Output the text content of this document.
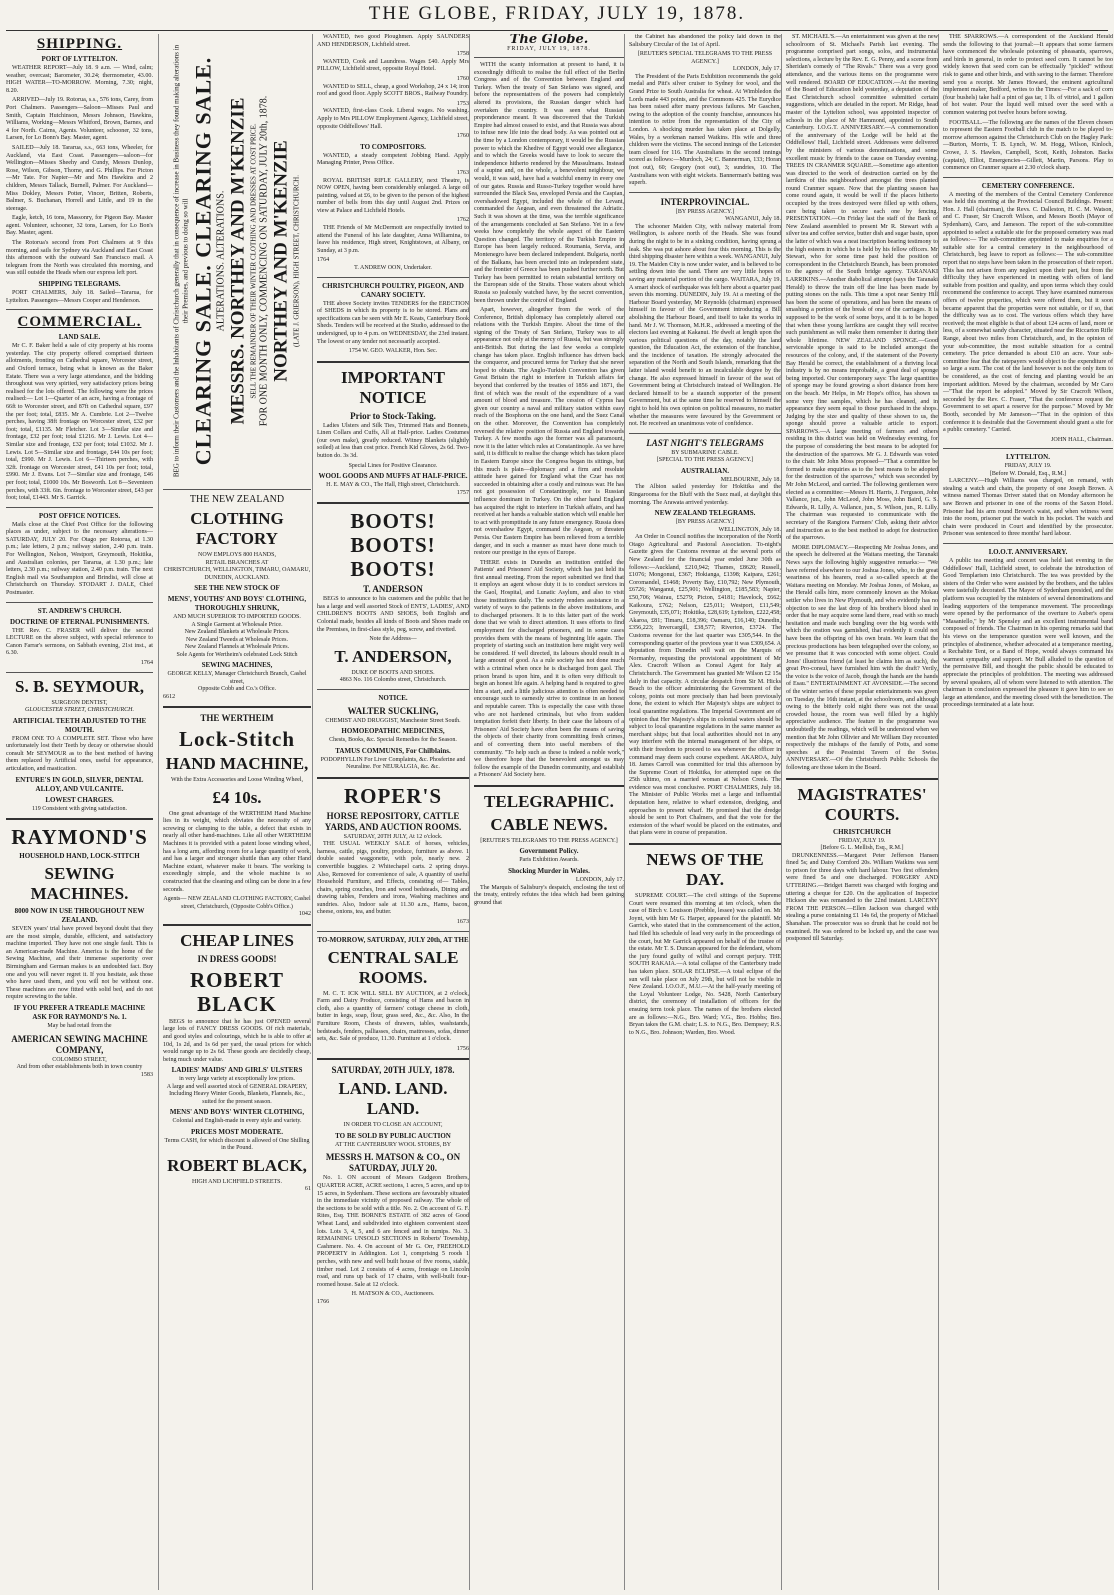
THE GLOBE, FRIDAY, JULY 19, 1878.
SHIPPING.
PORT OF LYTTELTON.

WEATHER REPORT—July 18. 9 a.m. — Wind, calm; weather, overcast; Barometer, 30.24; thermometer, 43.00. HIGH WATER—TO-MORROW. Morning, 7.30; night, 8.20.

ARRIVED—July 19. Rotorua, s.s., 576 tons, Carey, from Port Chalmers. Passengers—Saloon—Misses Paul and Smith, Captain Hutchinson, Messrs Johnson, Hawkins, Williams, Working—Messrs Whitford, Brown, Barnes, and 4 for North. Cairns, Agents. Volunteer, schooner, 32 tons, Larsen, for Lo Bonn's Bay. Master, agent.

SAILED—July 18. Tararua, s.s., 663 tons, Wheeler, for Auckland, via East Coast. Passengers—saloon—for Wellington—Misses Sheehy and Cundy, Messrs Dunlop, Rose, Wilson, Gibson, Thorne, and G. Phillips. For Picton—Mr Tate. For Napier—Mr and Mrs Hawkins and 2 children, Messrs Tallack, Burnell, Palmer. For Auckland—Miss Dokley, Messrs Potter, Vincer, Britten, Roberts, Balmer, S. Buchanan, Horrell and Little, and 19 in the steerage.

Eagle, ketch, 16 tons, Massonry, for Pigeon Bay. Master agent. Volunteer, schooner, 32 tons, Larsen, for Lo Bon's Bay. Master, agent.

The Rotorua's second from Port Chalmers at 9 this morning, and sails for Sydney via Auckland and East Coast this afternoon with the outward San Francisco mail. A telegram from the North was circulated this morning, and was still outside the Heads when our express left port.

SHIPPING TELEGRAMS.

PORT CHALMERS, July 18. Sailed—Tararua, for Lyttelton. Passengers—Messrs Cooper and Henderson.

COMMERCIAL.
LAND SALE.

Mr C. F. Baker held a sale of city property at his rooms yesterday. The city property offered comprised thirteen allotments, fronting on Cathedral square, Worcester street, and Oxford terrace, being what is known as the Baker Estate. There was a very large attendance, and the bidding throughout was very spirited, very satisfactory prices being realised for the lots offered. The following were the prices realised:— Lot 1—Quarter of an acre, having a frontage of 66ft to Worcester street, and 87ft on Cathedral square, £97 the per foot; total, £835. Mr A. Cumbrie. Lot 2—Twelve perches, having 38ft frontage on Worcester street, £32 per foot; total, £1135. Mr Fletcher. Lot 3—Similar size and frontage, £32 per foot; total £1216. Mr J. Lewis. Lot 4—Similar size and frontage, £32 per foot; total £1032. Mr J. Lewis. Lot 5—Similar size and frontage, £44 10s per foot; total, £990. Mr J. Lewis. Lot 6—Thirteen perches, with 32ft. frontage on Worcester street, £41 10s per foot; total, £990. Mr J. Evans. Lot 7—Similar size and frontage, £46 per foot; total, £1000 10s. Mr Bosworth. Lot 8—Seventeen perches, with 33ft. 6in. frontage to Worcester street, £43 per foot; total, £1443. Mr S. Garrick.

POST OFFICE NOTICES.

Mails close at the Chief Post Office for the following places as under, subject to the necessary alterations— SATURDAY, JULY 20. For Otago per Rotorua, at 1.30 p.m.; late letters, 2 p.m.; railway station, 2.40 p.m. train. For Wellington, Nelson, Westport, Greymouth, Hokitika, and Australian colonies, per Tararua, at 1.30 p.m.; late letters, 2.30 p.m.; railway station, 2.40 p.m. train. The next English mail via Southampton and Brindisi, will close at Christchurch on Thursday. STODART J. DALE, Chief Postmaster.

ST. ANDREW'S CHURCH.
DOCTRINE OF ETERNAL PUNISHMENTS.

THE Rev. C. FRASER will deliver the second LECTURE on the above subject, with special reference to Canon Farrar's sermons, on Sabbath evening, 21st inst., at 6.30.

1764
S. B. SEYMOUR,
SURGEON DENTIST,
GLOUCESTER STREET, CHRISTCHURCH.
ARTIFICIAL TEETH ADJUSTED TO THE MOUTH.

FROM ONE TO A COMPLETE SET. Those who have unfortunately lost their Teeth by decay or otherwise should consult Mr SEYMOUR as to the best method of having them replaced by Artificial ones, useful for appearance, articulation, and mastication.

ENTURE'S IN GOLD, SILVER, DENTAL ALLOY, AND VULCANITE.
LOWEST CHARGES.
119 Consistent with giving satisfaction.
RAYMOND'S
HOUSEHOLD HAND, LOCK-STITCH
SEWING MACHINES.
8000 NOW IN USE THROUGHOUT NEW ZEALAND.

SEVEN years' trial have proved beyond doubt that they are the most simple, durable, efficient, and satisfactory machine imported. They have not one single fault. This is an American-made Machine. America is the home of the Sewing Machine, and their immense superiority over Birmingham and German makes is an undoubted fact. Buy one and you will never regret it. If you hesitate, ask those who have used them, and you will not be without one. These machines are now fitted with solid bed, and do not require screwing to the table.

IF YOU PREFER A TREADLE MACHINE ASK FOR RAYMOND'S No. 1.
May be had retail from the
AMERICAN SEWING MACHINE COMPANY,
COLOMBO STREET,
And from other establishments both in town country
1583
BEG to inform their Customers and the Inhabitants of Christchurch generally that in consequence of increase in Business they found making alterations in their Premises, and previous to doing so will CLEARING SALE. CLEARING SALE. ALTERATIONS. ALTERATIONS. MESSRS. NORTHEY AND M'KENZIE SELL THE REMAINDER OF THEIR WINTER CLOTHING AND DRESSES AT COST PRICE. FOR ONE MONTH ONLY, COMMENCING ON SATURDAY, JULY 20th, 1878. NORTHEY AND M'KENZIE (LATE J. GRIERSON), HIGH STREET, CHRISTCHURCH.
THE NEW ZEALAND
CLOTHING FACTORY
NOW EMPLOYS 800 HANDS,
RETAIL BRANCHES AT
CHRISTCHURCH, WELLINGTON, TIMARU, OAMARU, DUNEDIN, AUCKLAND.
SEE THE NEW STOCK OF
MENS', YOUTHS' AND BOYS' CLOTHING, THOROUGHLY SHRUNK,
AND MUCH SUPERIOR TO IMPORTED GOODS.
A Single Garment at Wholesale Price.
New Zealand Blankets at Wholesale Prices.
New Zealand Tweeds at Wholesale Prices.
New Zealand Flannels at Wholesale Prices.
Sole Agents for Wertheim's celebrated Lock Stitch
SEWING MACHINES,
GEORGE KELLY, Manager Christchurch Branch, Cashel street,
Opposite Cobb and Co.'s Office.
6612
THE WERTHEIM
Lock-Stitch
HAND MACHINE,
With the Extra Accessories and Loose Winding Wheel,
£4 10s.

One great advantage of the WERTHEIM Hand Machine lies in its weight, which obviates the necessity of any screwing or clamping to the table, a defect that exists in nearly all other hand-machines. Like all other WERTHEIM Machines it is provided with a patent loose winding wheel, has a long arm, affording room for a large quantity of work, and has a larger and stronger shuttle than any other Hand Machine extant, whatever make it bears. The working is exceedingly simple, and the whole machine is so constructed that the cleaning and oiling can be done in a few seconds.

Agents— NEW ZEALAND CLOTHING FACTORY, Cashel street, Christchurch, (Opposite Cobb's Office.)
1042
CHEAP LINES
IN DRESS GOODS!
ROBERT BLACK

BEGS to announce that he has just OPENED several large lots of FANCY DRESS GOODS. Of rich materials, and good styles and colourings, which he is able to offer at 10d, 1s 2d, and 1s 6d per yard, the usual prices for which would range up to 2s 6d. These goods are decidedly cheap, being much under value.

LADIES' MAIDS' AND GIRLS' ULSTERS
in very large variety at exceptionally low prices.
A large and well assorted stock of GENERAL DRAPERY, Including Heavy Winter Goods, Blankets, Flannels, &c., suited for the present season.
MENS' AND BOYS' WINTER CLOTHING,
Colonial and English-made in every style and variety.
PRICES MOST MODERATE.
Terms CASH, for which discount is allowed of One Shilling in the Pound.
ROBERT BLACK,
HIGH AND LICHFIELD STREETS.
61

WANTED, two good Ploughmen. Apply SAUNDERS AND HENDERSON, Lichfield street.

1758

WANTED, Cook and Laundress. Wages £40. Apply Mrs PILLOW, Lichfield street, opposite Royal Hotel.

1760

WANTED to SELL, cheap, a good Workshop, 24 x 14; iron roof and good floor. Apply SCOTT BROS., Railway Foundry.

1753

WANTED, first-class Cook. Liberal wages. No washing. Apply to Mrs PILLOW Employment Agency, Lichfield street, opposite Oddfellows' Hall.

1760
TO COMPOSITORS.

WANTED, a steady competent Jobbing Hand. Apply Managing Printer, Press Office.

1763

ROYAL BRITISH RIFLE GALLERY, next Theatre, is NOW OPEN, having been considerably enlarged. A large oil painting, valued at £6, to be given to the person of the highest number of bells from this day until August 2nd. Prizes on view at Palace and Lichfield Hotels.

1762

THE Friends of Mr McDermott are respectfully invited to attend the Funeral of his late daughter, Anna Williamina, to leave his residence, High street, Knightstown, at Albany, on Sunday, at 3 p.m.

1764
T. ANDREW OON, Undertaker.
CHRISTCHURCH POULTRY, PIGEON, AND CANARY SOCIETY.

THE above Society invites TENDERS for the ERECTION of SHEDS in which its property is to be stored. Plans and specifications can be seen with Mr E. Keats, Canterbury Book Sheds. Tenders will be received at the Studio, addressed to the undersigned, up to 4 p.m. on WEDNESDAY, the 23rd instant. The lowest or any tender not necessarily accepted.

1754 W. GEO. WALKER, Hon. Sec.
IMPORTANT NOTICE
Prior to Stock-Taking.

Ladies Ulsters and Silk Ties, Trimmed Hats and Bonnets, Linen Collars and Cuffs, All at Half-price. Ladies Costumes (our own make), greatly reduced. Witney Blankets (slightly soiled) at less than cost price. French Kid Gloves, 2s 6d. Two-button do. 3s 3d.

Special Lines for Positive Clearance.
WOOL GOODS AND MUFFS AT HALF-PRICE.
H. E. MAY & CO., The Hall, High street, Christchurch.
1757
BOOTS! BOOTS! BOOTS!
T. ANDERSON

BEGS to announce to his customers and the public that he has a large and well assorted Stock of ENTS', LADIES', AND CHILDREN'S BOOTS AND SHOES, both English and Colonial made, besides all kinds of Boots and Shoes made on the Premises, in first-class style, peg, screw, and rivetted.

Note the Address—
T. ANDERSON,
DUKE OF BOOTS AND SHOES.
4863 No. 116 Colombo street, Christchurch.
NOTICE.
WALTER SUCKLING,
CHEMIST AND DRUGGIST, Manchester Street South.
HOMOEOPATHIC MEDICINES,
Chests, Books, &c. Special Remedies for the Season.
TAMUS COMMUNIS, For Chilblains.
PODOPHYLLIN For Liver Complaints, &c. Phosferine and Neuraline. For NEURALGIA, &c. &c.
ROPER'S
HORSE REPOSITORY, CATTLE YARDS, AND AUCTION ROOMS.
SATURDAY, 20TH JULY, At 12 o'clock.

THE USUAL WEEKLY SALE of horses, vehicles, harness, cattle, pigs, poultry, produce, furniture as above. 1 double seated waggonette, with pole, nearly new. 2 convertible buggies. 2 Whitechapel carts. 2 spring drays. Also, Removed for convenience of sale, A quantity of useful Household Furniture, and Effects, consisting of— Tables, chairs, spring couches, Iron and wood bedsteads, Dining and drawing tables, Fenders and irons, Washing machines and sundries. Also, Indoor sale at 11.30 a.m., Hams, bacon, cheese, onions, tea, and butter.

1673
TO-MORROW, SATURDAY, JULY 20th, AT THE
CENTRAL SALE ROOMS.

M. C. T. ICK WILL SELL BY AUCTION, at 2 o'clock, Farm and Dairy Produce, consisting of Hams and bacon in cloth, also a quantity of farmers' cottage cheese in cloth, butter in kegs, soap, flour, grass seed, &c., &c. Also, In the Furniture Room, Chests of drawers, tables, washstands, bedsteads, fenders, palliasses, chairs, mattresses, sofas, dinner sets, &c. Sale of produce, 11.30. Furniture at 1 o'clock.

1756
SATURDAY, 20TH JULY, 1878.
LAND. LAND. LAND.
IN ORDER TO CLOSE AN ACCOUNT,
TO BE SOLD BY PUBLIC AUCTION
AT THE CANTERBURY WOOL STORES, BY
MESSRS H. MATSON & CO., ON SATURDAY, JULY 20.

No. 1. ON account of Messrs Gudgeon Brothers, QUARTER ACRE, ACRE sections, 1 acres, 5 acres, and up to 15 acres, in Sydenham. These sections are favourably situated in the immediate vicinity of proposed railway. The whole of the sections to be sold with a title. No. 2. On account of G. F. Rites, Esq. THE BORNE'S ESTATE of 382 acres of Good Wheat Land, and subdivided into eighteen convenient sized lots. Lots 3, 4, 5, and 6 are fenced and in turnips. No. 3. REMAINING UNSOLD SECTIONS in Roberts' Township, Cashmere. No. 4. On account of Mr G. Orr, FREEHOLD PROPERTY in Addington. Lot 1, comprising 5 roods 1 perches, with new and well built house of five rooms, stable, timber road. Lot 2 consists of 4 acres, frontage on Lincoln road, and runs up back of 17 chains, with well-built four-roomed house. Sale at 12 o'clock.

H. MATSON & CO., Auctioneers.
1766
The Globe.
FRIDAY, JULY 19, 1878.

WITH the scanty information at present to hand, it is exceedingly difficult to realise the full effect of the Berlin Congress and of the Convention between England and Turkey. When the treaty of San Stefano was signed, and before the representatives of the powers had completely altered its provisions, the Russian danger which had overtaken the country. It was seen what Russian preponderance meant. It was discovered that the Turkish Empire had almost ceased to exist, and that Russia was about to infuse new life into the dead body. As was pointed out at the time by a London contemporary, it would be the Russian power to which the Khedive of Egypt would owe allegiance, and to which the Greeks would have to look to secure the independence hitherto rendered by the Mussulmans. Instead of a supine and, on the whole, a benevolent neighbour, we would, it was said, have had a watchful enemy in every one of our gates. Russia and Russo-Turkey together would have surrounded the Black Sea, enveloped Persia and the Caspian, overshadowed Egypt, included the whole of the Levant, commanded the Aegean, and even threatened the Adriatic. Such it was shown at the time, was the terrible significance of the arrangements concluded at San Stefano. Yet in a few weeks how completely the whole aspect of the Eastern Question changed. The territory of the Turkish Empire in Europe has been largely reduced. Roumania, Servia, and Montenegro have been declared independent. Bulgaria, north of the Balkans, has been erected into an independent state, and the frontier of Greece has been pushed further north. But Turkey has been permitted to retain substantial territory on the European side of the Straits. Those waters about which Russia so jealously watched have, by the secret convention, been thrown under the control of England.

Apart, however, altogether from the work of the Conference, British diplomacy has completely altered our relations with the Turkish Empire. About the time of the signing of the Treaty of San Stefano, Turkey was to all appearance not only at the mercy of Russia, but was strongly anti-British. But during the last few weeks a complete change has taken place. English influence has driven back the conqueror, and procured terms for Turkey that she never hoped to obtain. The Anglo-Turkish Convention has given Great Britain the right to interfere in Turkish affairs far beyond that conferred by the treaties of 1856 and 1871, the first of which was the result of the expenditure of a vast amount of blood and treasure. The cession of Cyprus has given our country a naval and military station within easy reach of the Bosphorus on the one hand, and the Suez Canal on the other. Moreover, the Convention has completely reversed the relative position of Russia and England towards Turkey. A few months ago the former was all paramount, now it is the latter which rules at Constantinople. As we have said, it is difficult to realise the change which has taken place in Eastern Europe since the Congress began its sittings, but this much is plain—diplomacy and a firm and resolute attitude have gained for England what the Czar has not succeeded in obtaining after a costly and ruinous war. He has not got possession of Constantinople, nor is Russian influence dominant in Turkey. On the other hand England has acquired the right to interfere in Turkish affairs, and has received at her hands a valuable station which will enable her to act with promptitude in any future emergency. Russia does not overshadow Egypt, command the Aegean, or threaten Persia. Our Eastern Empire has been relieved from a terrible danger, and in such a manner as must have done much to restore our prestige in the eyes of Europe.

THERE exists in Dunedin an institution entitled the Patients' and Prisoners' Aid Society, which has just held its first annual meeting. From the report submitted we find that it employs an agent whose duty it is to conduct services in the Gaol, Hospital, and Lunatic Asylum, and also to visit those institutions daily. The society renders assistance in a variety of ways to the patients in the above institutions, and to discharged prisoners. It is to this latter part of the work done that we wish to direct attention. It uses efforts to find employment for discharged prisoners, and in some cases provides them with the means of beginning life again. The propriety of starting such an institution here might very well be considered. If well directed, its labours should result in a large amount of good. As a rule society has not done much with a criminal when once he is discharged from gaol. The prison brand is upon him, and it is often very difficult to begin an honest life again. A helping hand is required to give him a start, and a little judicious attention is often needed to encourage such to earnestly strive to continue in an honest and reputable career. This is especially the case with those who are not hardened criminals, but who from sudden temptation forfeit their liberty. In their case the labours of a Prisoners' Aid Society have often been the means of saving the objects of their charity from committing fresh crimes, and of converting them into useful members of the community. "To help such as these is indeed a noble work," we therefore hope that the benevolent amongst us may follow the example of the Dunedin community, and establish a Prisoners' Aid Society here.

TELEGRAPHIC.
CABLE NEWS.
[REUTER'S TELEGRAMS TO THE PRESS AGENCY.]
Government Policy.
Paris Exhibition Awards.
Shocking Murder in Wales.
LONDON, July 17.

The Marquis of Salisbury's despatch, enclosing the text of the treaty, entirely refutes the idea which had been gaining ground that

the Cabinet has abandoned the policy laid down in the Salisbury Circular of the 1st of April.

[REUTER'S SPECIAL TELEGRAMS TO THE PRESS AGENCY.]
LONDON, July 17.

The President of the Paris Exhibition recommends the gold medal and Pitt's silver cruiser to Sydney for wool, and the Grand Prize to South Australia for wheat. At Wimbledon the Lords made 443 points, and the Commons 425. The Eurydice has been raised after many previous failures. Mr Gaschen, owing to the adoption of the county franchise, announces his intention to retire from the representation of the City of London. A shocking murder has taken place at Dolgelly, Wales, by a workman named Watkins. His wife and three children were the victims. The second innings of the Leicester team closed for 116. The Australians in the second innings scored as follows:—Murdoch, 24; C. Bannerman, 133; Horan (not out), 60; Gregory (not out), 3; sundries, 10. The Australians won with eight wickets. Bannerman's batting was superb.

INTERPROVINCIAL.
[BY PRESS AGENCY.]
WANGANUI, July 18.

The schooner Maiden City, with railway material from Wellington, is ashore north of the Heads. She was found during the night to be in a sinking condition, having sprung a leak. She was put ashore about four this morning. This is the third shipping disaster here within a week. WANGANUI, July 19. The Maiden City is now under water, and is believed to be settling down into the sand. There are very little hopes of saving any material portion of the cargo. WAITARA, July 19. A smart shock of earthquake was felt here about a quarter past seven this morning. DUNEDIN, July 19. At a meeting of the Harbour Board yesterday, Mr Reynolds (chairman) expressed himself in favour of the Government introducing a Bill abolishing the Harbour Board, and itself to take its works in hand. Mr J. W. Thomson, M.H.R., addressed a meeting of the electors last evening at Kakanui. He dwelt at length upon the various political questions of the day, notably the land question, the Education Act, the extension of the franchise, and the incidence of taxation. He strongly advocated the separation of the North and South Islands, remarking that the latter island would benefit to an incalculable degree by the change. He also expressed himself in favour of the seat of Government being at Christchurch instead of Wellington. He declared himself to be a staunch supporter of the present Government, but at the same time he reserved to himself the right to hold his own opinion on political measures, no matter whether the measures were favoured by the Government or not. He received an unanimous vote of confidence.

LAST NIGHT'S TELEGRAMS
BY SUBMARINE CABLE.
[SPECIAL TO THE PRESS AGENCY.]
AUSTRALIAN.
MELBOURNE, July 18.

The Albion sailed yesterday for Hokitika and the Ringarooma for the Bluff with the Suez mail, at daylight this morning. The Arawata arrived yesterday.

NEW ZEALAND TELEGRAMS.
[BY PRESS AGENCY.]
WELLINGTON, July 18.

An Order in Council notifies the incorporation of the North Otago Agricultural and Pastoral Association. To-night's Gazette gives the Customs revenue at the several ports of New Zealand for the financial year ended June 30th as follows:—Auckland, £210,942; Thames, £8620; Russell, £1076; Mongonui, £367; Hokianga, £1398; Kaipara, £261; Coromandel, £1468; Poverty Bay, £10,792; New Plymouth, £6726; Wanganui, £25,901; Wellington, £185,583; Napier, £50,706; Wairau, £5279; Picton, £4181; Havelock, £662; Kaikoura, £762; Nelson, £25,011; Westport, £11,549; Greymouth, £35,071; Hokitika, £28,619; Lyttelton, £222,458; Akaroa, £81; Timaru, £18,396; Oamaru, £16,140; Dunedin, £356,223; Invercargill, £38,577; Riverton, £3724. The Customs revenue for the last quarter was £305,544. In the corresponding quarter of the previous year it was £309,654. A deputation from Dunedin will wait on the Marquis of Normanby, requesting the provisional appointment of Mr Alex. Cracroft Wilson as Consul Agent for Italy at Christchurch. The Government has granted Mr Wilson £2 15s daily in that capacity. A circular despatch from Sir M. Hicks Beach to the officer administering the Government of the colony, points out more precisely than had been previously done, the extent to which Her Majesty's ships are subject to local quarantine regulations. The Imperial Government are of opinion that Her Majesty's ships in colonial waters should be subject to local quarantine regulations in the same manner as merchant ships; but that local authorities should not in any way interfere with the internal management of her ships, or with their freedom to proceed to sea whenever the officer in command may deem such course expedient. AKAROA, July 18. James Carroll was committed for trial this afternoon by the Supreme Court of Hokitika, for attempted rape on the 25th ultimo, on a married woman at Nelson Creek. The evidence was most conclusive. PORT CHALMERS, July 18. The Minister of Public Works met a large and influential deputation here, relative to wharf extension, dredging, and approaches to present wharf. He promised that the dredge should be sent to Port Chalmers, and that the vote for the extension of the wharf would be placed on the estimates, and that plans were in course of preparation.

NEWS OF THE DAY.

SUPREME COURT.—The civil sittings of the Supreme Court were resumed this morning at ten o'clock, when the case of Birch v. Louisson (Prebble, lessee) was called on. Mr Joynt, with him Mr G. Harper, appeared for the plaintiff. Mr Garrick, who stated that in the commencement of the action, had filed his schedule of lead very early in the proceedings of the court, but Mr Garrick appeared on behalf of the trustee of the estate. Mr T. S. Duncan appeared for the defendant, whom the jury found guilty of wilful and corrupt perjury. THE SOUTH RAKAIA.—A total collapse of the Canterbury trade has taken place. SOLAR ECLIPSE.—A total eclipse of the sun will take place on July 29th, but will not be visible in New Zealand. I.O.O.F., M.U.—At the half-yearly meeting of the Loyal Volunteer Lodge, No. 5428, North Canterbury district, the ceremony of installation of officers for the ensuing term took place. The names of the brothers elected are as follows:—N.G., Bro. Ward; V.G., Bro. Hobbs; Bro. Bryan takes the G.M. chair; L.S. to N.G., Bro. Dempsey; R.S. to N.G., Bro. Johnson; Warden, Bro. Wood.

ST. MICHAEL'S.—An entertainment was given at the new schoolroom of St. Michael's Parish last evening. The programme comprised part songs, solos, and instrumental selections, a lecture by the Rev. E. G. Penny, and a scene from Sheridan's comedy of "The Rivals." There was a very good attendance, and the various items on the programme were well rendered. BOARD OF EDUCATION.—At the meeting of the Board of Education held yesterday, a deputation of the East Christchurch school committee submitted certain suggestions, which are detailed in the report. Mr Ridge, head master of the Lyttelton school, was appointed inspector of schools in the place of Mr Hammond, appointed to South Canterbury. I.O.G.T. ANNIVERSARY.—A commemoration of the anniversary of the Lodge will be held at the Oddfellows' Hall, Lichfield street. Addresses were delivered by the ministers of various denominations, and some excellent music by friends to the cause on Tuesday evening. TREES IN CRANMER SQUARE.—Sometime ago attention was directed to the work of destruction carried on by the larrikins of this neighbourhood amongst the trees planted round Cranmer square. Now that the planting season has come round again, it would be well if the places hitherto occupied by the trees destroyed were filled up with others, care being taken to secure each one by fencing. PRESENTATION.—On Friday last the staff of the Bank of New Zealand assembled to present Mr R. Stewart with a silver tea and coffee service, butter dish and sugar basin, upon the latter of which was a neat inscription bearing testimony to the high esteem in which he is held by his fellow officers. Mr Stewart, who for some time past held the position of correspondent in the Christchurch Branch, has been promoted to the agency of the South bridge agency. TARANAKI LARRIKINS.—Another diabolical attempt (says the Taranaki Herald) to throw the train off the line has been made by putting stones on the rails. This time a spot near Sentry Hill has been the scene of operations, and has been the means of smashing a portion of the break of one of the carriages. It is supposed to be the work of some boys, and it is to be hoped that when these young larrikins are caught they will receive such punishment as will make them remember it during their whole lifetime. NEW ZEALAND SPONGE.—Good serviceable sponge is said to be included amongst the resources of the colony, and, if the statement of the Poverty Bay Herald be correct, the establishment of a thriving local industry is by no means improbable, a great deal of sponge being imported. Our contemporary says: The large quantities of sponge may be found growing a short distance from here on the beach. Mr Helps, in Mr Hope's office, has shown us some very fine samples, which he has cleaned, and in appearance they seem equal to those purchased in the shops. Judging by the size and quality of these shown to us, the sponge should prove a valuable article to export. SPARROWS.—A large meeting of farmers and others residing in this district was held on Wednesday evening, for the purpose of considering the best means to be adopted for the destruction of the sparrows. Mr G. J. Edwards was voted to the chair. Mr John Moss proposed—"That a committee be formed to make enquiries as to the best means to be adopted for the destruction of the sparrows," which was seconded by Mr John McLeod, and carried. The following gentlemen were elected as a committee:—Messrs H. Harris, J. Ferguson, John Vallance, jun., John McLeod, John Moss, John Baird, G. S. Edwards, R. Lilly, A. Vallance, jun., S. Wilson, jun., R. Lilly. The chairman was requested to communicate with the secretary of the Rangiora Farmers' Club, asking their advice and instruction as to the best method to adopt for destruction of the sparrows.

MORE DIPLOMACY.—Respecting Mr Joshua Jones, and the speech he delivered at the Waitara meeting, the Taranaki News says the following highly suggestive remarks:— "We have referred elsewhere to our Joshua Jones, who, to the great weariness of his hearers, read a so-called speech at the Waitara meeting on Monday. Mr Joshua Jones, of Mokau, as the Herald calls him, more commonly known as the Mokau settler who lives in New Plymouth, and who evidently has no objection to see the last drop of his brother's blood shed in order that he may acquire some land there, read with so much hesitation and made such bungling over the big words with which the oration was garnished, that evidently it could not have been the offspring of his own brain. We learn that the precious productions has been telegraphed over the colony, so we presume that it was concocted with some object. Could Jones' illustrious friend (at least he claims him as such), the great Pro-consul, have furnished him with the draft? Verily, the voice is the voice of Jacob, though the hands are the hands of Esau." ENTERTAINMENT AT AVONSIDE.—The second of the winter series of these popular entertainments was given on Tuesday, the 16th instant, at the schoolroom, and although owing to the bitterly cold night there was not the usual crowded house, the room was well filled by a highly appreciative audience. The feature in the programme was undoubtedly the readings, which will be understood when we mention that Mr John Ollivier and Mr William Day recounted respectively the mishaps of the family of Potts, and some speeches at the Pessimist Tavern of the Swiss. ANNIVERSARY.—Of the Christchurch Public Schools the following are those taken in the Board.

MAGISTRATES' COURTS.
CHRISTCHURCH
FRIDAY, JULY 19.
[Before G. L. Mellish, Esq., R.M.]

DRUNKENNESS.—Margaret Peter Jefferson Hansen fined 5s; and Daisy Cornford 20s. William Watkins was sent to prison for three days with hard labour. Two first offenders were fined 5s and one discharged. FORGERY AND UTTERING.—Bridget Barrett was charged with forging and uttering a cheque for £20. On the application of Inspector Hickson she was remanded to the 22nd instant. LARCENY FROM THE PERSON.—Ellen Jackson was charged with stealing a purse containing £1 14s 6d, the property of Michael Shanahan. The prosecutor was so drunk that he could not be examined. He was ordered to be locked up, and the case was postponed till Saturday.

THE SPARROWS.—A correspondent of the Auckland Herald sends the following to that journal:—It appears that some farmers have commenced the wholesale poisoning of pheasants, sparrows, and birds in general, in order to protect seed corn. It cannot be too widely known that seed corn can be effectually "pickled" without risk to game and other birds, and with saving to the farmer. Therefore send you a receipt. Mr James Howard, the eminent agricultural implement maker, Bedford, writes to the Times:—For a sack of corn (four bushels) take half a pint of gas tar, 1 lb. of vitriol, and 1 gallon of hot water. Pour the liquid well mixed over the seed with a common watering pot twelve hours before sowing.

FOOTBALL.—The following are the names of the Eleven chosen to represent the Eastern Football club in the match to be played to-morrow afternoon against the Christchurch Club on the Hagley Park:—Burton, Morris, T. B. Lynch, W. M. Hogg, Wilson, Kinloch, Crowe, J. S. Hawkes, Campbell, Scott, Keith, Johnston. Backs (captain), Elliot, Emergencies—Gillett, Martin, Parsons. Play to commence on Cranmer square at 2.30 o'clock sharp.

CEMETERY CONFERENCE.

A meeting of the members of the Central Cemetery Conference was held this morning at the Provincial Council Buildings. Present: Hon. J. Hall (chairman), the Revs. C. Dalleston, H. C. M. Watson, and C. Fraser, Sir Cracroft Wilson, and Messrs Booth (Mayor of Sydenham), Caro, and Jameson. The report of the sub-committee appointed to select a suitable site for the proposed cemetery was read as follows:— The sub-committee appointed to make enquiries for a suitable site for a central cemetery in the neighbourhood of Christchurch, beg leave to report as follows:— The sub-committee report that no steps have been taken in the prosecution of their report. This has not arisen from any neglect upon their part, but from the difficulty they have experienced in meeting with offers of land suitable from position and quality, and upon terms which they could recommend the conference to accept. They have examined numerous offers of twelve properties, which were offered them, but it soon became apparent that the properties were not suitable, or if so, that the difficulty was as to cost. The various offers which they have received; the most eligible is that of about 124 acres of land, more or less, of a somewhat sandy character, situated near the Riccarton Rifle Range, about two miles from Christchurch, and, in the opinion of your sub-committee, the most suitable situation for a central cemetery. The price demanded is about £10 an acre. Your sub-committee fear that the ratepayers would object to the expenditure of so large a sum. The cost of the land however is not the only item to be considered, as the cost of fencing and planting would be an important addition. Moved by the chairman, seconded by Mr Caro—"That the report be adopted." Moved by Sir Cracroft Wilson, seconded by the Rev. C. Fraser, "That the conference request the Government to set apart a reserve for the purpose." Moved by Mr Booth, seconded by Mr Jameson—"That in the opinion of this conference it is desirable that the Government should grant a site for a public cemetery." Carried.

JOHN HALL, Chairman.
LYTTELTON.
FRIDAY, JULY 19.
[Before W. Donald, Esq., R.M.]

LARCENY.—Hugh Williams was charged, on remand, with stealing a watch and chain, the property of one Joseph Brown. A witness named Thomas Driver stated that on Monday afternoon he saw Brown and prisoner in one of the rooms of the Saxon Hotel. Prisoner had his arm round Brown's waist, and when witness went into the room, prisoner put the watch in his pocket. The watch and chain were produced in Court and identified by the prosecutor. Prisoner was sentenced to three months' hard labour.

I.O.O.T. ANNIVERSARY.

A public tea meeting and concert was held last evening in the Oddfellows' Hall, Lichfield street, to celebrate the introduction of Good Templarism into Christchurch. The tea was provided by the sisters of the Order who were assisted by the brothers, and the tables were tastefully decorated. The Mayor of Sydenham presided, and the platform was occupied by the ministers of several denominations and leading supporters of the temperance movement. The proceedings were opened by the performance of the overture to Auber's opera "Masaniello," by Mr Spensley and an excellent instrumental band composed of friends. The Chairman in his opening remarks said that his views on the temperance question were well known, and the principles of abstinence, whether advocated at a temperance meeting, a Rechabite Tent, or a Band of Hope, would always command his warmest sympathy and support. Mr Bull alluded to the question of the permissive Bill, and thought the public should be educated to appreciate the principles of prohibition. The meeting was addressed by several speakers, all of whom were listened to with attention. The chairman in conclusion expressed the pleasure it gave him to see so large an attendance, and the meeting closed with the benediction. The proceedings terminated at a late hour.
